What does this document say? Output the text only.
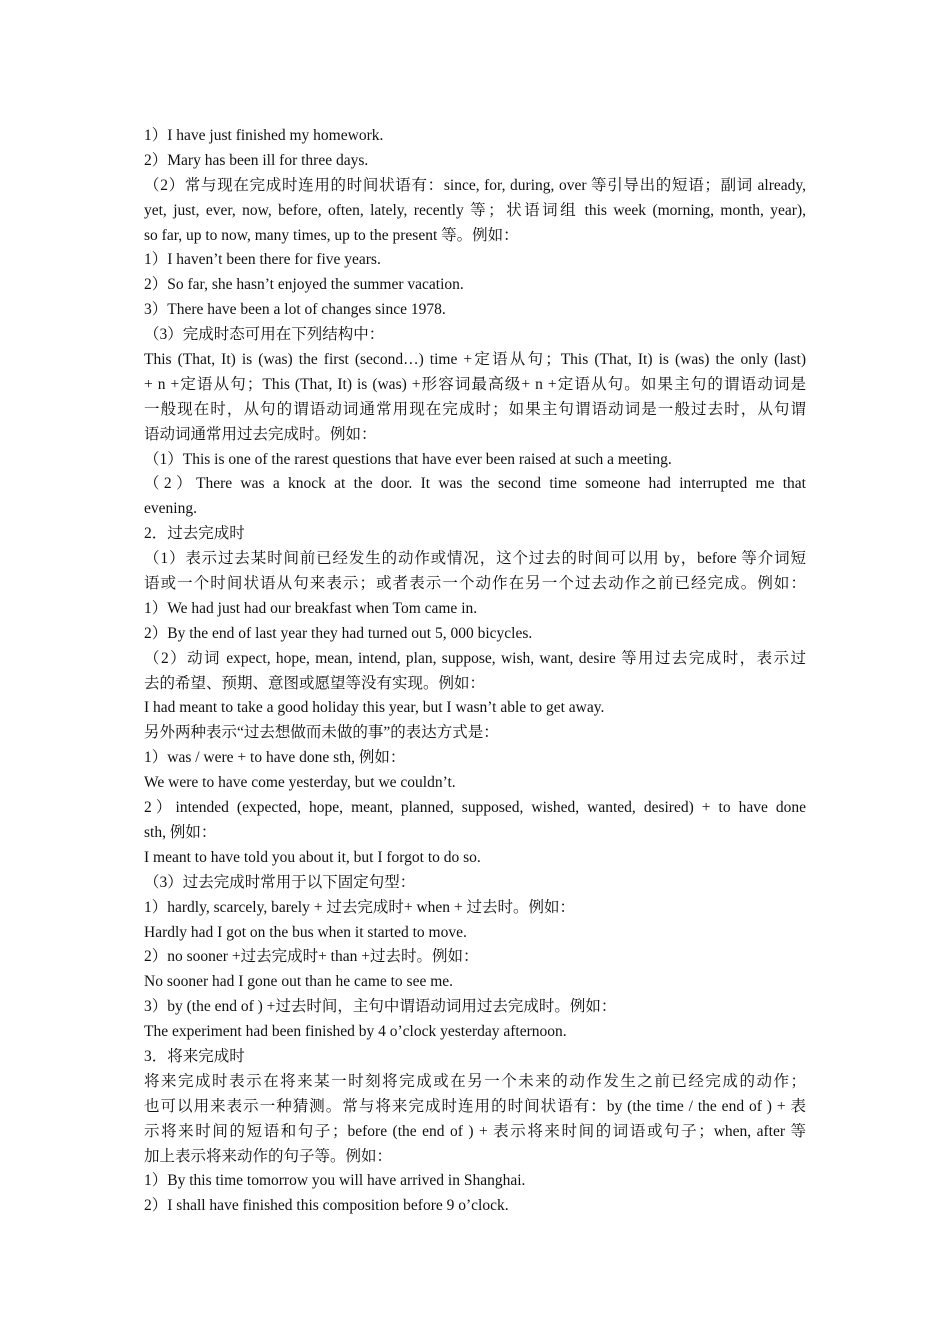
1）I have just finished my homework.
2）Mary has been ill for three days.
（2）常与现在完成时连用的时间状语有：since, for, during, over 等引导出的短语；副词 already,
yet, just, ever, now, before, often, lately, recently 等；状语词组 this week (morning, month, year),
so far, up to now, many times, up to the present 等。例如：
1）I haven’t been there for five years.
2）So far, she hasn’t enjoyed the summer vacation.
3）There have been a lot of changes since 1978.
（3）完成时态可用在下列结构中：
This (That, It) is (was) the first (second…) time +定语从句；This (That, It) is (was) the only (last)
+ n +定语从句；This (That, It) is (was) +形容词最高级+ n +定语从句。如果主句的谓语动词是
一般现在时，从句的谓语动词通常用现在完成时；如果主句谓语动词是一般过去时，从句谓
语动词通常用过去完成时。例如：
（1）This is one of the rarest questions that have ever been raised at such a meeting.
（2）There was a knock at the door. It was the second time someone had interrupted me that
evening.
2．过去完成时
（1）表示过去某时间前已经发生的动作或情况，这个过去的时间可以用 by，before 等介词短
语或一个时间状语从句来表示；或者表示一个动作在另一个过去动作之前已经完成。例如：
1）We had just had our breakfast when Tom came in.
2）By the end of last year they had turned out 5, 000 bicycles.
（2）动词 expect, hope, mean, intend, plan, suppose, wish, want, desire 等用过去完成时，表示过
去的希望、预期、意图或愿望等没有实现。例如：
I had meant to take a good holiday this year, but I wasn’t able to get away.
另外两种表示“过去想做而未做的事”的表达方式是：
1）was / were + to have done sth, 例如：
We were to have come yesterday, but we couldn’t.
2）intended (expected, hope, meant, planned, supposed, wished, wanted, desired) + to have done
sth, 例如：
I meant to have told you about it, but I forgot to do so.
（3）过去完成时常用于以下固定句型：
1）hardly, scarcely, barely + 过去完成时+ when + 过去时。例如：
Hardly had I got on the bus when it started to move.
2）no sooner +过去完成时+ than +过去时。例如：
No sooner had I gone out than he came to see me.
3）by (the end of ) +过去时间，主句中谓语动词用过去完成时。例如：
The experiment had been finished by 4 o’clock yesterday afternoon.
3．将来完成时
将来完成时表示在将来某一时刻将完成或在另一个未来的动作发生之前已经完成的动作；
也可以用来表示一种猜测。常与将来完成时连用的时间状语有：by (the time / the end of ) + 表
示将来时间的短语和句子；before (the end of ) + 表示将来时间的词语或句子；when, after 等
加上表示将来动作的句子等。例如：
1）By this time tomorrow you will have arrived in Shanghai.
2）I shall have finished this composition before 9 o’clock.
